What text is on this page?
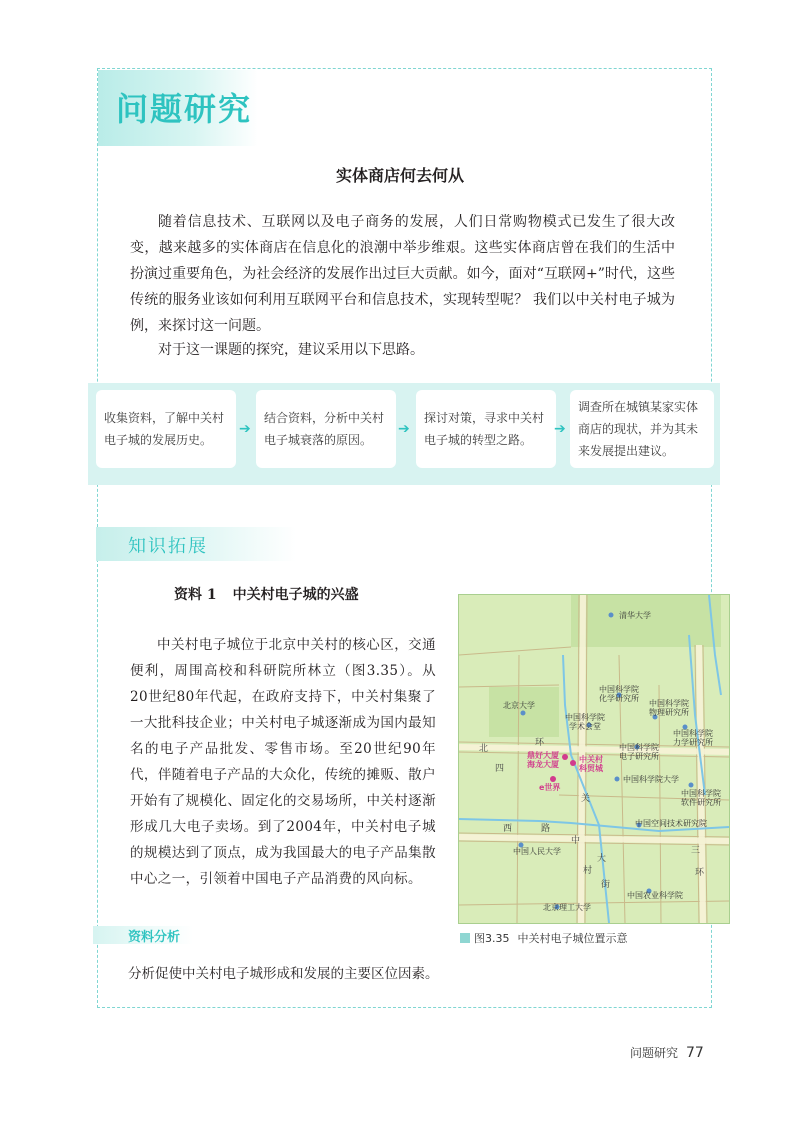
问题研究
实体商店何去何从

随着信息技术、互联网以及电子商务的发展，人们日常购物模式已发生了很大改变，越来越多的实体商店在信息化的浪潮中举步维艰。这些实体商店曾在我们的生活中扮演过重要角色，为社会经济的发展作出过巨大贡献。如今，面对“互联网+”时代，这些传统的服务业该如何利用互联网平台和信息技术，实现转型呢？ 我们以中关村电子城为例，来探讨这一问题。

对于这一课题的探究，建议采用以下思路。

收集资料，了解中关村电子城的发展历史。
➔
结合资料，分析中关村电子城衰落的原因。
➔
探讨对策，寻求中关村电子城的转型之路。
➔
调查所在城镇某家实体商店的现状，并为其未来发展提出建议。
知识拓展
资料 1 中关村电子城的兴盛

中关村电子城位于北京中关村的核心区，交通便利，周围高校和科研院所林立（图3.35）。从20世纪80年代起，在政府支持下，中关村集聚了一大批科技企业；中关村电子城逐渐成为国内最知名的电子产品批发、零售市场。至20世纪90年代，伴随着电子产品的大众化，传统的摊贩、散户开始有了规模化、固定化的交易场所，中关村逐渐形成几大电子卖场。到了2004年，中关村电子城的规模达到了顶点，成为我国最大的电子产品集散中心之一，引领着中国电子产品消费的风向标。

资料分析
分析促使中关村电子城形成和发展的主要区位因素。
清华大学
北京大学
中国科学院
化学研究所
中国科学院
物理研究所
中国科学院
学术会堂
中国科学院
力学研究所
中国科学院
电子研究所
鼎好大厦
海龙大厦
中关村
科贸城
e世界
中国科学院大学
中国科学院
软件研究所
中国空间技术研究院
中国人民大学
中国农业科学院
北京理工大学
北
四
环
西	路
中
关
村
大
街
三
环
图3.35 中关村电子城位置示意
问题研究 77
